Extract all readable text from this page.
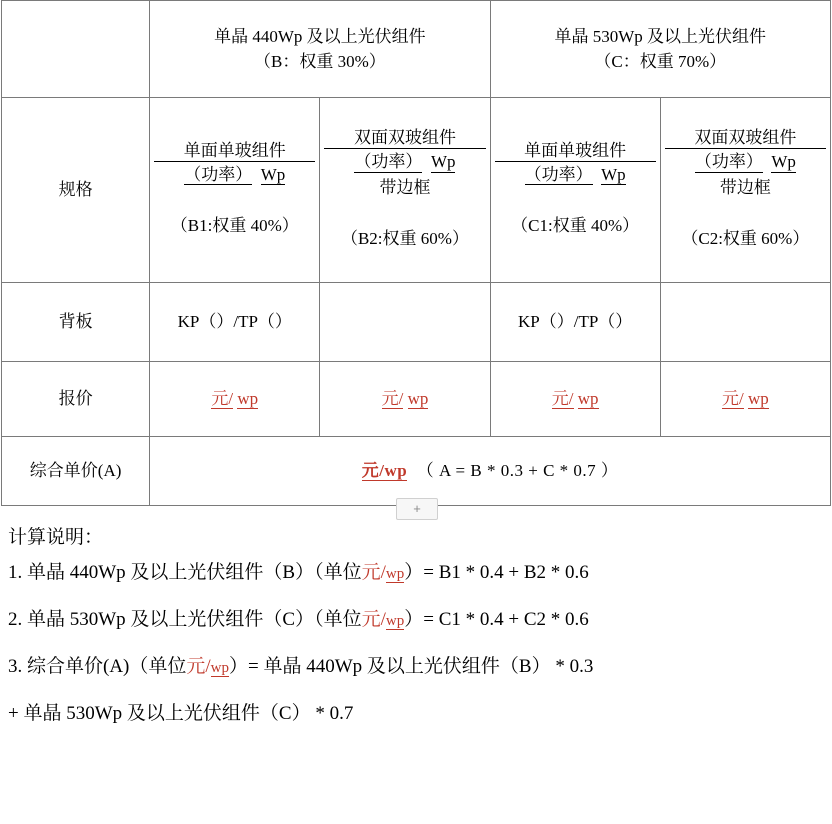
	单晶 440Wp 及以上光伏组件
（B：权重 30%）		单晶 530Wp 及以上光伏组件
（C：权重 70%）	

规格	单面单玻组件
（功率） Wp
（B1:权重 40%）	双面双玻组件
（功率） Wp
带边框
（B2:权重 60%）	单面单玻组件
（功率） Wp
（C1:权重 40%）	双面双玻组件
（功率） Wp
带边框
（C2:权重 60%）

背板	KP（）/TP（）		KP（）/TP（）	
报价	元/ wp	元/ wp	元/ wp	元/ wp
综合单价(A)	元/wp （ A = B * 0.3 + C * 0.7 ）			
+
计算说明：

1. 单晶 440Wp 及以上光伏组件（B）（单位元/wp）= B1 * 0.4 + B2 * 0.6

2. 单晶 530Wp 及以上光伏组件（C）（单位元/wp）= C1 * 0.4 + C2 * 0.6

3. 综合单价(A)（单位元/wp）= 单晶 440Wp 及以上光伏组件（B） * 0.3

+ 单晶 530Wp 及以上光伏组件（C） * 0.7
